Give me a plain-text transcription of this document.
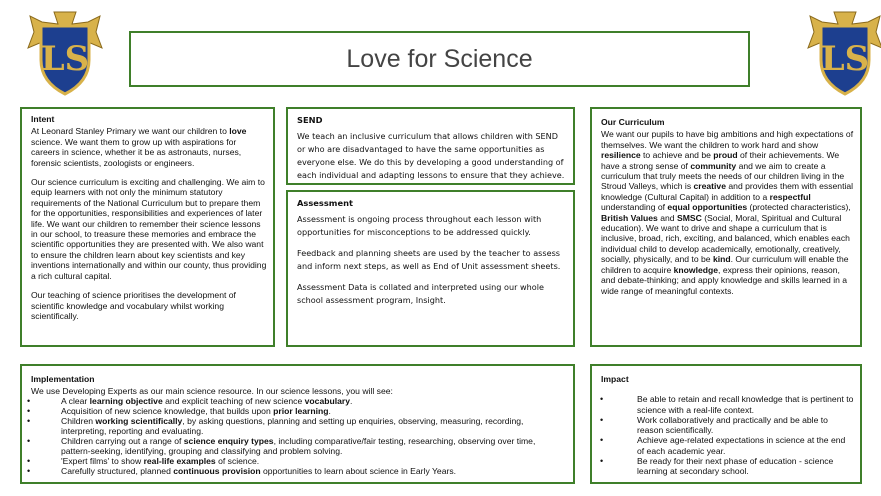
LS	LS
Love for Science
Intent

At Leonard Stanley Primary we want our children to love science. We want them to grow up with aspirations for careers in science, whether it be as astronauts, nurses, forensic scientists, zoologists or engineers.

Our science curriculum is exciting and challenging. We aim to equip learners with not only the minimum statutory requirements of the National Curriculum but to prepare them for the opportunities, responsibilities and experiences of later life. We want our children to remember their science lessons in our school, to treasure these memories and embrace the scientific opportunities they are presented with. We also want to ensure the children learn about key scientists and key inventions internationally and within our county, thus providing a rich cultural capital.

Our teaching of science prioritises the development of scientific knowledge and vocabulary whilst working scientifically.

SEND

We teach an inclusive curriculum that allows children with SEND or who are disadvantaged to have the same opportunities as everyone else. We do this by developing a good understanding of each individual and adapting lessons to ensure that they achieve.

Assessment

Assessment is ongoing process throughout each lesson with opportunities for misconceptions to be addressed quickly.

Feedback and planning sheets are used by the teacher to assess and inform next steps, as well as End of Unit assessment sheets.

Assessment Data is collated and interpreted using our whole school assessment program, Insight.

Our Curriculum

We want our pupils to have big ambitions and high expectations of themselves. We want the children to work hard and show resilience to achieve and be proud of their achievements. We have a strong sense of community and we aim to create a curriculum that truly meets the needs of our children living in the Stroud Valleys, which is creative and provides them with essential knowledge (Cultural Capital) in addition to a respectful understanding of equal opportunities (protected characteristics), British Values and SMSC (Social, Moral, Spiritual and Cultural education). We want to drive and shape a curriculum that is inclusive, broad, rich, exciting, and balanced, which enables each individual child to develop academically, emotionally, creatively, socially, physically, and to be kind. Our curriculum will enable the children to acquire knowledge, express their opinions, reason, and debate-thinking; and apply knowledge and skills learned in a wide range of meaningful contexts.

Implementation
We use Developing Experts as our main science resource. In our science lessons, you will see:
• A clear learning objective and explicit teaching of new science vocabulary.
• Acquisition of new science knowledge, that builds upon prior learning.
• Children working scientifically, by asking questions, planning and setting up enquiries, observing, measuring, recording, interpreting, reporting and evaluating.
• Children carrying out a range of science enquiry types, including comparative/fair testing, researching, observing over time, pattern-seeking, identifying, grouping and classifying and problem solving.
• 'Expert films' to show real-life examples of science.
• Carefully structured, planned continuous provision opportunities to learn about science in Early Years.
Impact
• Be able to retain and recall knowledge that is pertinent to science with a real-life context.
• Work collaboratively and practically and be able to reason scientifically.
• Achieve age-related expectations in science at the end of each academic year.
• Be ready for their next phase of education - science learning at secondary school.
